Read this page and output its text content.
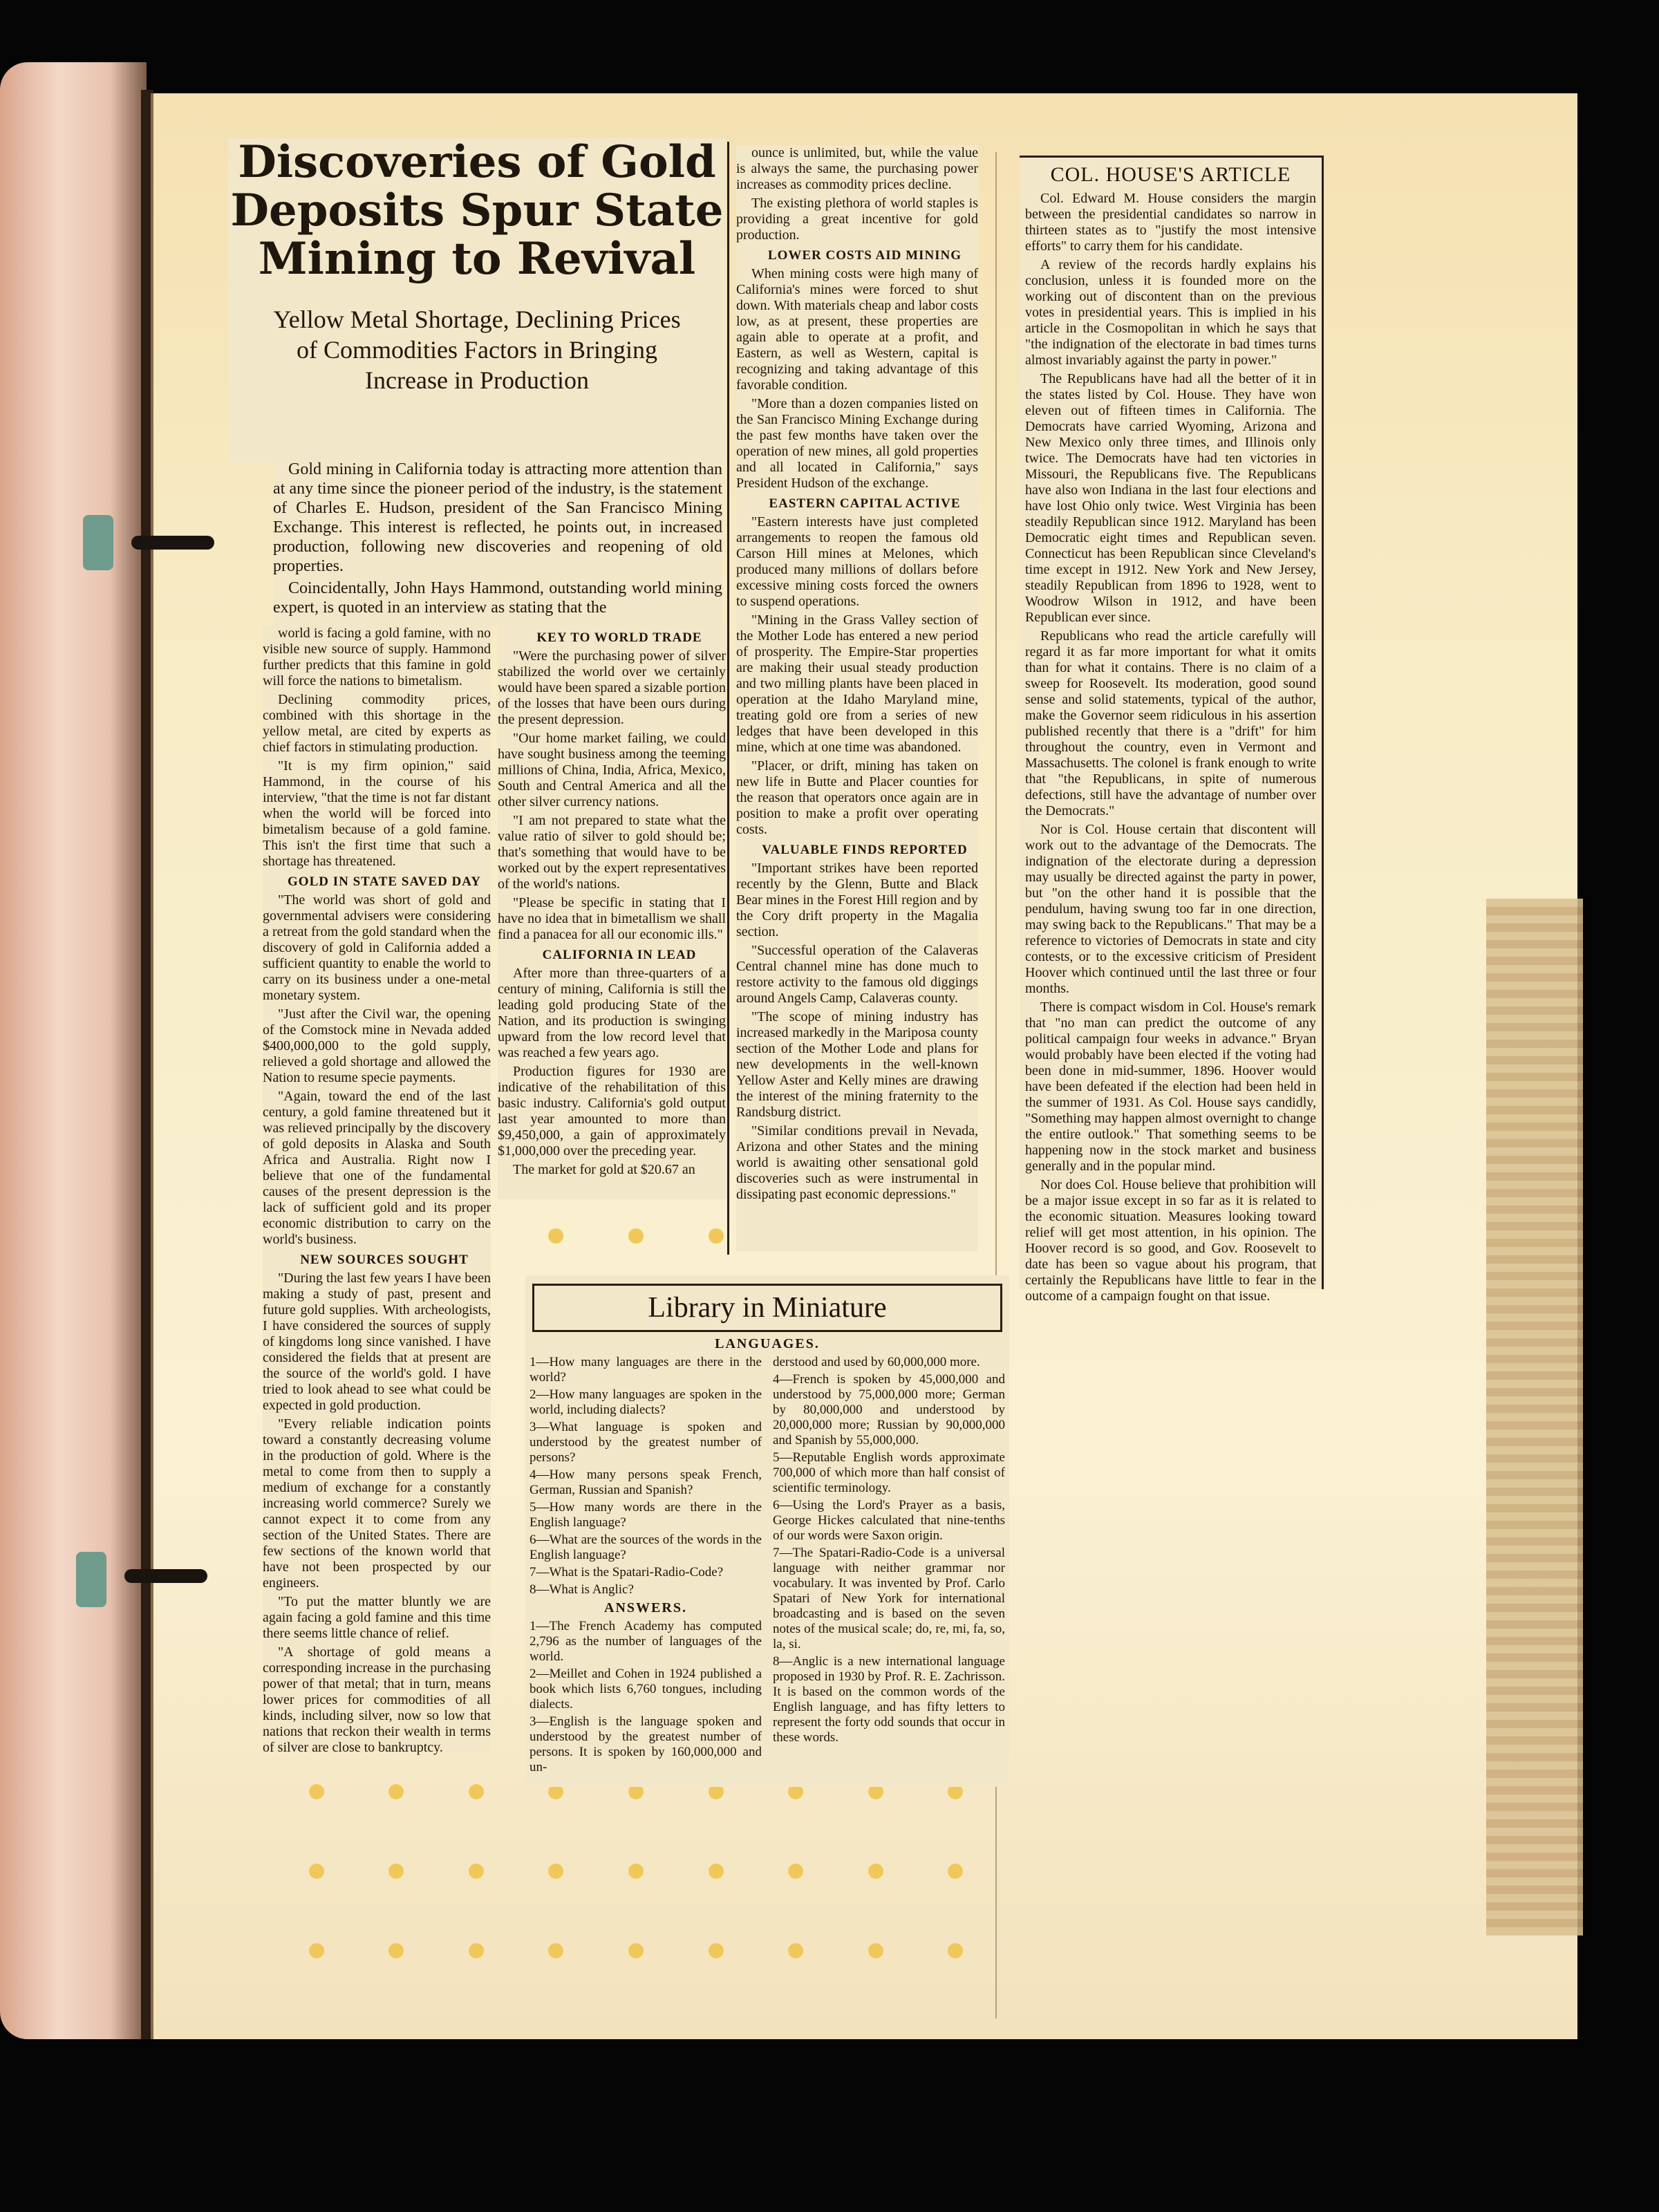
Discoveries of Gold
Deposits Spur State
Mining to Revival

Yellow Metal Shortage, Declining Prices
of Commodities Factors in Bringing
Increase in Production

Gold mining in California today is attracting more attention than at any time since the pioneer period of the industry, is the statement of Charles E. Hudson, president of the San Francisco Mining Exchange. This interest is reflected, he points out, in increased production, following new discoveries and reopening of old properties.

Coincidentally, John Hays Hammond, outstanding world mining expert, is quoted in an interview as stating that the

world is facing a gold famine, with no visible new source of supply. Hammond further predicts that this famine in gold will force the nations to bimetalism.

Declining commodity prices, combined with this shortage in the yellow metal, are cited by experts as chief factors in stimulating production.

"It is my firm opinion," said Hammond, in the course of his interview, "that the time is not far distant when the world will be forced into bimetalism because of a gold famine. This isn't the first time that such a shortage has threatened.

GOLD IN STATE SAVED DAY

"The world was short of gold and governmental advisers were considering a retreat from the gold standard when the discovery of gold in California added a sufficient quantity to enable the world to carry on its business under a one-metal monetary system.

"Just after the Civil war, the opening of the Comstock mine in Nevada added $400,000,000 to the gold supply, relieved a gold shortage and allowed the Nation to resume specie payments.

"Again, toward the end of the last century, a gold famine threatened but it was relieved principally by the discovery of gold deposits in Alaska and South Africa and Australia. Right now I believe that one of the fundamental causes of the present depression is the lack of sufficient gold and its proper economic distribution to carry on the world's business.

NEW SOURCES SOUGHT

"During the last few years I have been making a study of past, present and future gold supplies. With archeologists, I have considered the sources of supply of kingdoms long since vanished. I have considered the fields that at present are the source of the world's gold. I have tried to look ahead to see what could be expected in gold production.

"Every reliable indication points toward a constantly decreasing volume in the production of gold. Where is the metal to come from then to supply a medium of exchange for a constantly increasing world commerce? Surely we cannot expect it to come from any section of the United States. There are few sections of the known world that have not been prospected by our engineers.

"To put the matter bluntly we are again facing a gold famine and this time there seems little chance of relief.

"A shortage of gold means a corresponding increase in the purchasing power of that metal; that in turn, means lower prices for commodities of all kinds, including silver, now so low that nations that reckon their wealth in terms of silver are close to bankruptcy.

KEY TO WORLD TRADE

"Were the purchasing power of silver stabilized the world over we certainly would have been spared a sizable portion of the losses that have been ours during the present depression.

"Our home market failing, we could have sought business among the teeming millions of China, India, Africa, Mexico, South and Central America and all the other silver currency nations.

"I am not prepared to state what the value ratio of silver to gold should be; that's something that would have to be worked out by the expert representatives of the world's nations.

"Please be specific in stating that I have no idea that in bimetallism we shall find a panacea for all our economic ills."

CALIFORNIA IN LEAD

After more than three-quarters of a century of mining, California is still the leading gold producing State of the Nation, and its production is swinging upward from the low record level that was reached a few years ago.

Production figures for 1930 are indicative of the rehabilitation of this basic industry. California's gold output last year amounted to more than $9,450,000, a gain of approximately $1,000,000 over the preceding year.

The market for gold at $20.67 an

ounce is unlimited, but, while the value is always the same, the purchasing power increases as commodity prices decline.

The existing plethora of world staples is providing a great incentive for gold production.

LOWER COSTS AID MINING

When mining costs were high many of California's mines were forced to shut down. With materials cheap and labor costs low, as at present, these properties are again able to operate at a profit, and Eastern, as well as Western, capital is recognizing and taking advantage of this favorable condition.

"More than a dozen companies listed on the San Francisco Mining Exchange during the past few months have taken over the operation of new mines, all gold properties and all located in California," says President Hudson of the exchange.

EASTERN CAPITAL ACTIVE

"Eastern interests have just completed arrangements to reopen the famous old Carson Hill mines at Melones, which produced many millions of dollars before excessive mining costs forced the owners to suspend operations.

"Mining in the Grass Valley section of the Mother Lode has entered a new period of prosperity. The Empire-Star properties are making their usual steady production and two milling plants have been placed in operation at the Idaho Maryland mine, treating gold ore from a series of new ledges that have been developed in this mine, which at one time was abandoned.

"Placer, or drift, mining has taken on new life in Butte and Placer counties for the reason that operators once again are in position to make a profit over operating costs.

VALUABLE FINDS REPORTED

"Important strikes have been reported recently by the Glenn, Butte and Black Bear mines in the Forest Hill region and by the Cory drift property in the Magalia section.

"Successful operation of the Calaveras Central channel mine has done much to restore activity to the famous old diggings around Angels Camp, Calaveras county.

"The scope of mining industry has increased markedly in the Mariposa county section of the Mother Lode and plans for new developments in the well-known Yellow Aster and Kelly mines are drawing the interest of the mining fraternity to the Randsburg district.

"Similar conditions prevail in Nevada, Arizona and other States and the mining world is awaiting other sensational gold discoveries such as were instrumental in dissipating past economic depressions."

COL. HOUSE'S ARTICLE

Col. Edward M. House considers the margin between the presidential candidates so narrow in thirteen states as to "justify the most intensive efforts" to carry them for his candidate.

A review of the records hardly explains his conclusion, unless it is founded more on the working out of discontent than on the previous votes in presidential years. This is implied in his article in the Cosmopolitan in which he says that "the indignation of the electorate in bad times turns almost invariably against the party in power."

The Republicans have had all the better of it in the states listed by Col. House. They have won eleven out of fifteen times in California. The Democrats have carried Wyoming, Arizona and New Mexico only three times, and Illinois only twice. The Democrats have had ten victories in Missouri, the Republicans five. The Republicans have also won Indiana in the last four elections and have lost Ohio only twice. West Virginia has been steadily Republican since 1912. Maryland has been Democratic eight times and Republican seven. Connecticut has been Republican since Cleveland's time except in 1912. New York and New Jersey, steadily Republican from 1896 to 1928, went to Woodrow Wilson in 1912, and have been Republican ever since.

Republicans who read the article carefully will regard it as far more important for what it omits than for what it contains. There is no claim of a sweep for Roosevelt. Its moderation, good sound sense and solid statements, typical of the author, make the Governor seem ridiculous in his assertion published recently that there is a "drift" for him throughout the country, even in Vermont and Massachusetts. The colonel is frank enough to write that "the Republicans, in spite of numerous defections, still have the advantage of number over the Democrats."

Nor is Col. House certain that discontent will work out to the advantage of the Democrats. The indignation of the electorate during a depression may usually be directed against the party in power, but "on the other hand it is possible that the pendulum, having swung too far in one direction, may swing back to the Republicans." That may be a reference to victories of Democrats in state and city contests, or to the excessive criticism of President Hoover which continued until the last three or four months.

There is compact wisdom in Col. House's remark that "no man can predict the outcome of any political campaign four weeks in advance." Bryan would probably have been elected if the voting had been done in mid-summer, 1896. Hoover would have been defeated if the election had been held in the summer of 1931. As Col. House says candidly, "Something may happen almost overnight to change the entire outlook." That something seems to be happening now in the stock market and business generally and in the popular mind.

Nor does Col. House believe that prohibition will be a major issue except in so far as it is related to the economic situation. Measures looking toward relief will get most attention, in his opinion. The Hoover record is so good, and Gov. Roosevelt to date has been so vague about his program, that certainly the Republicans have little to fear in the outcome of a campaign fought on that issue.

Library in Miniature
LANGUAGES.

1—How many languages are there in the world?

2—How many languages are spoken in the world, including dialects?

3—What language is spoken and understood by the greatest number of persons?

4—How many persons speak French, German, Russian and Spanish?

5—How many words are there in the English language?

6—What are the sources of the words in the English language?

7—What is the Spatari-Radio-Code?

8—What is Anglic?

ANSWERS.

1—The French Academy has computed 2,796 as the number of languages of the world.

2—Meillet and Cohen in 1924 published a book which lists 6,760 tongues, including dialects.

3—English is the language spoken and understood by the greatest number of persons. It is spoken by 160,000,000 and un-

derstood and used by 60,000,000 more.

4—French is spoken by 45,000,000 and understood by 75,000,000 more; German by 80,000,000 and understood by 20,000,000 more; Russian by 90,000,000 and Spanish by 55,000,000.

5—Reputable English words approximate 700,000 of which more than half consist of scientific terminology.

6—Using the Lord's Prayer as a basis, George Hickes calculated that nine-tenths of our words were Saxon origin.

7—The Spatari-Radio-Code is a universal language with neither grammar nor vocabulary. It was invented by Prof. Carlo Spatari of New York for international broadcasting and is based on the seven notes of the musical scale; do, re, mi, fa, so, la, si.

8—Anglic is a new international language proposed in 1930 by Prof. R. E. Zachrisson. It is based on the common words of the English language, and has fifty letters to represent the forty odd sounds that occur in these words.
